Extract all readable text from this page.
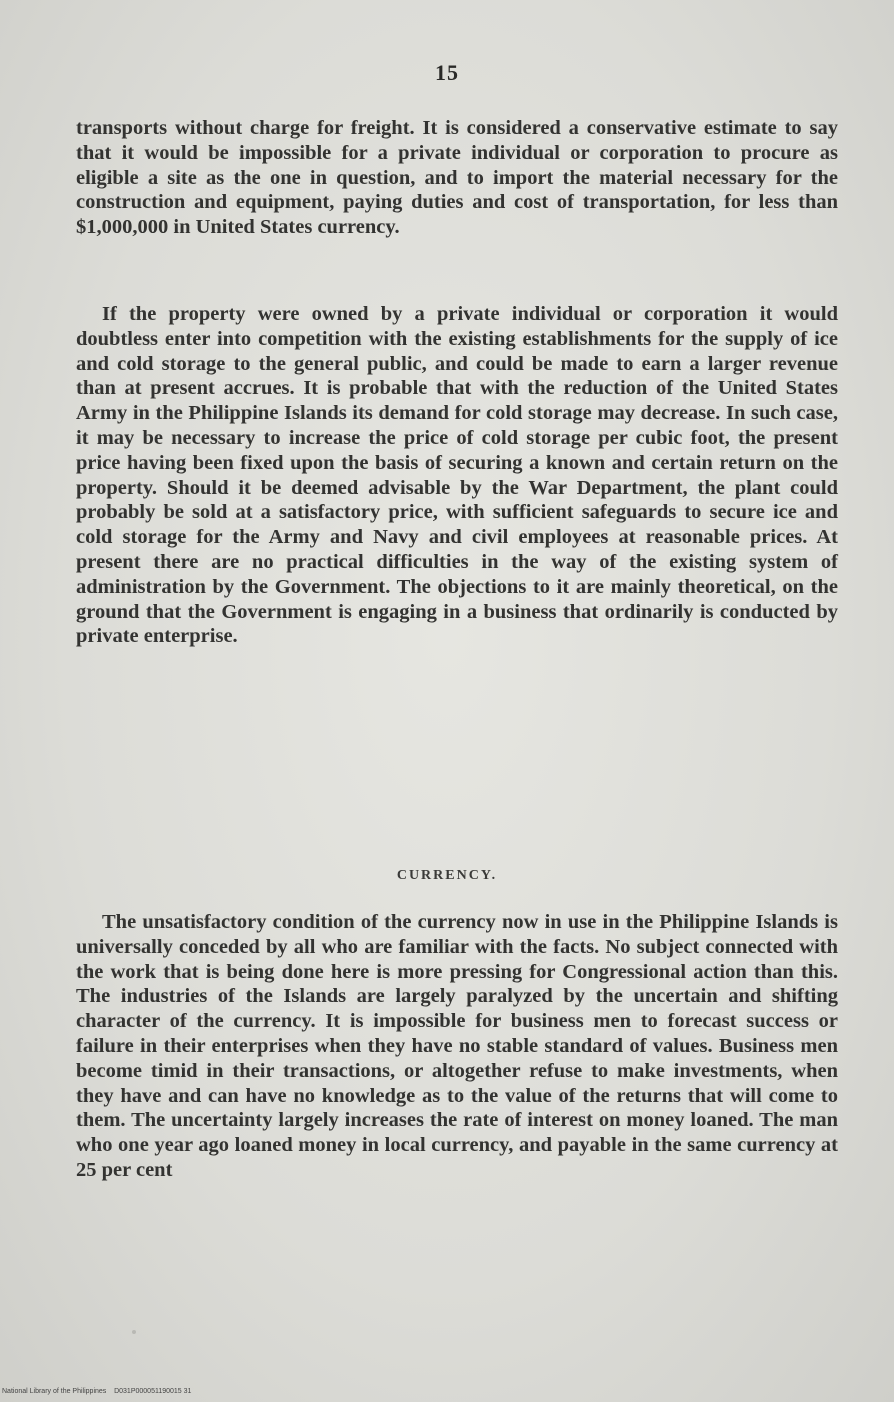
15

transports without charge for freight. It is considered a conservative estimate to say that it would be impossible for a private individual or corporation to procure as eligible a site as the one in question, and to import the material necessary for the construction and equipment, paying duties and cost of transportation, for less than $1,000,000 in United States currency.

If the property were owned by a private individual or corporation it would doubtless enter into competition with the existing establishments for the supply of ice and cold storage to the general public, and could be made to earn a larger revenue than at present accrues. It is probable that with the reduction of the United States Army in the Philippine Islands its demand for cold storage may decrease. In such case, it may be necessary to increase the price of cold storage per cubic foot, the present price having been fixed upon the basis of securing a known and certain return on the property. Should it be deemed advisable by the War Department, the plant could probably be sold at a satisfactory price, with sufficient safeguards to secure ice and cold storage for the Army and Navy and civil employees at reasonable prices. At present there are no practical difficulties in the way of the existing system of administration by the Government. The objections to it are mainly theoretical, on the ground that the Government is engaging in a business that ordinarily is conducted by private enterprise.

CURRENCY.

The unsatisfactory condition of the currency now in use in the Philippine Islands is universally conceded by all who are familiar with the facts. No subject connected with the work that is being done here is more pressing for Congressional action than this. The industries of the Islands are largely paralyzed by the uncertain and shifting character of the currency. It is impossible for business men to forecast success or failure in their enterprises when they have no stable standard of values. Business men become timid in their transactions, or altogether refuse to make investments, when they have and can have no knowledge as to the value of the returns that will come to them. The uncertainty largely increases the rate of interest on money loaned. The man who one year ago loaned money in local currency, and payable in the same currency at 25 per cent

National Library of the Philippines D031P000051190015 31
